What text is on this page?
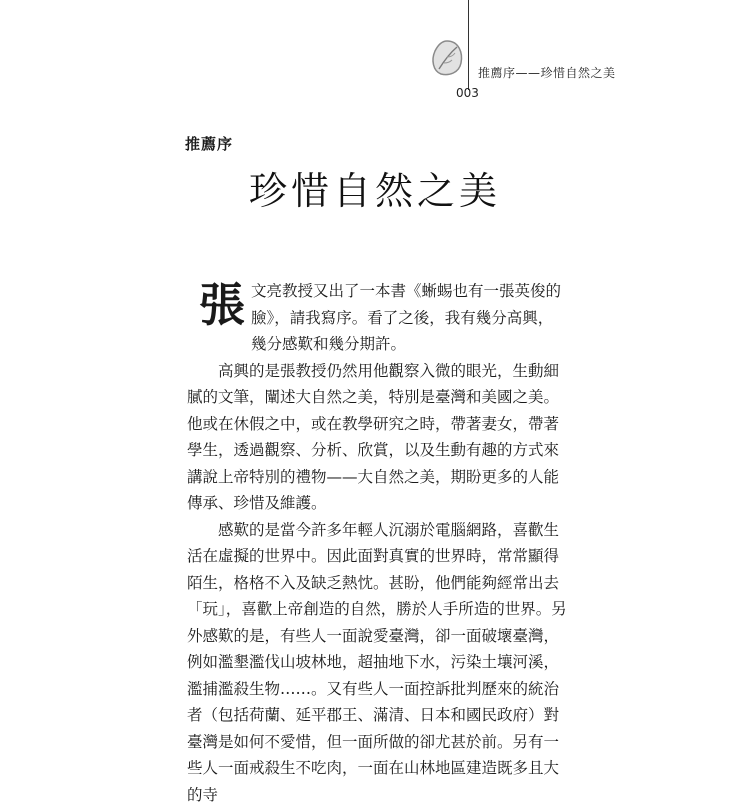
推薦序——珍惜自然之美
003
推薦序
珍惜自然之美

張文亮教授又出了一本書《蜥蜴也有一張英俊的臉》，請我寫序。看了之後，我有幾分高興，幾分感歎和幾分期許。

高興的是張教授仍然用他觀察入微的眼光，生動細膩的文筆，闡述大自然之美，特別是臺灣和美國之美。他或在休假之中，或在教學研究之時，帶著妻女，帶著學生，透過觀察、分析、欣賞，以及生動有趣的方式來講說上帝特別的禮物——大自然之美，期盼更多的人能傳承、珍惜及維護。

感歎的是當今許多年輕人沉溺於電腦網路，喜歡生活在虛擬的世界中。因此面對真實的世界時，常常顯得陌生，格格不入及缺乏熱忱。甚盼，他們能夠經常出去「玩」，喜歡上帝創造的自然，勝於人手所造的世界。另外感歎的是，有些人一面說愛臺灣，卻一面破壞臺灣，例如濫墾濫伐山坡林地，超抽地下水，污染土壤河溪，濫捕濫殺生物……。又有些人一面控訴批判歷來的統治者（包括荷蘭、延平郡王、滿清、日本和國民政府）對臺灣是如何不愛惜，但一面所做的卻尤甚於前。另有一些人一面戒殺生不吃肉，一面在山林地區建造既多且大的寺
